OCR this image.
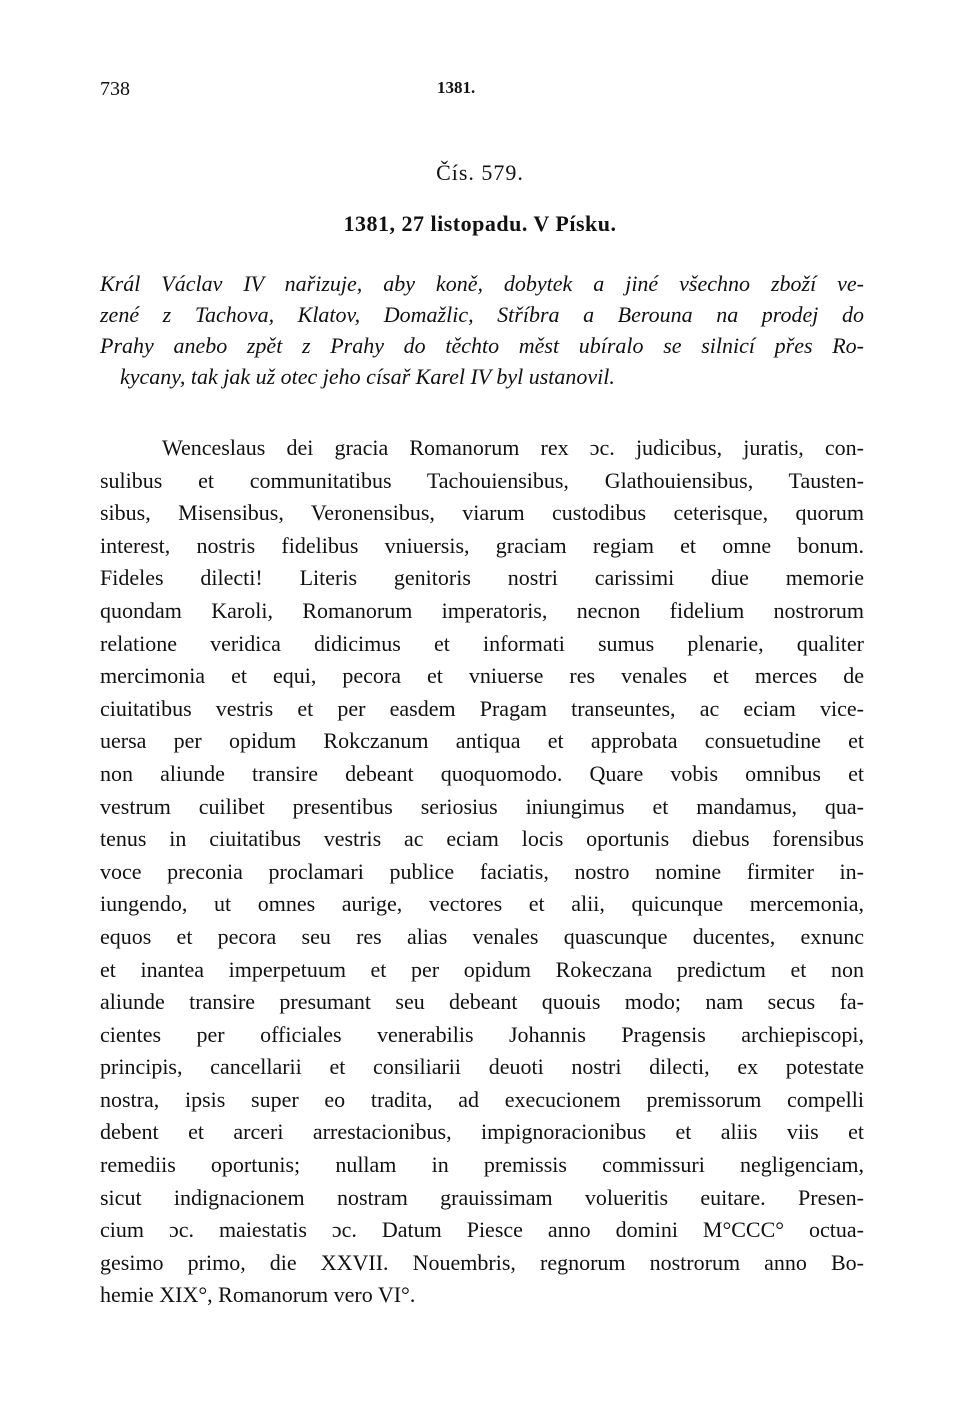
738	1381.
Čís. 579.
1381, 27 listopadu. V Písku.

Král Václav IV nařizuje, aby koně, dobytek a jiné všechno zboží ve-
zené z Tachova, Klatov, Domažlic, Stříbra a Berouna na prodej do
Prahy anebo zpět z Prahy do těchto měst ubíralo se silnicí přes Ro-
kycany, tak jak už otec jeho císař Karel IV byl ustanovil.

Wenceslaus dei gracia Romanorum rex ɔc. judicibus, juratis, con-
sulibus et communitatibus Tachouiensibus, Glathouiensibus, Tausten-
sibus, Misensibus, Veronensibus, viarum custodibus ceterisque, quorum
interest, nostris fidelibus vniuersis, graciam regiam et omne bonum.
Fideles dilecti! Literis genitoris nostri carissimi diue memorie
quondam Karoli, Romanorum imperatoris, necnon fidelium nostrorum
relatione veridica didicimus et informati sumus plenarie, qualiter
mercimonia et equi, pecora et vniuerse res venales et merces de
ciuitatibus vestris et per easdem Pragam transeuntes, ac eciam vice-
uersa per opidum Rokczanum antiqua et approbata consuetudine et
non aliunde transire debeant quoquomodo. Quare vobis omnibus et
vestrum cuilibet presentibus seriosius iniungimus et mandamus, qua-
tenus in ciuitatibus vestris ac eciam locis oportunis diebus forensibus
voce preconia proclamari publice faciatis, nostro nomine firmiter in-
iungendo, ut omnes aurige, vectores et alii, quicunque mercemonia,
equos et pecora seu res alias venales quascunque ducentes, exnunc
et inantea imperpetuum et per opidum Rokeczana predictum et non
aliunde transire presumant seu debeant quouis modo; nam secus fa-
cientes per officiales venerabilis Johannis Pragensis archiepiscopi,
principis, cancellarii et consiliarii deuoti nostri dilecti, ex potestate
nostra, ipsis super eo tradita, ad execucionem premissorum compelli
debent et arceri arrestacionibus, impignoracionibus et aliis viis et
remediis oportunis; nullam in premissis commissuri negligenciam,
sicut indignacionem nostram grauissimam volueritis euitare. Presen-
cium ɔc. maiestatis ɔc. Datum Piesce anno domini M°CCC° octua-
gesimo primo, die XXVII. Nouembris, regnorum nostrorum anno Bo-
hemie XIX°, Romanorum vero VI°.
